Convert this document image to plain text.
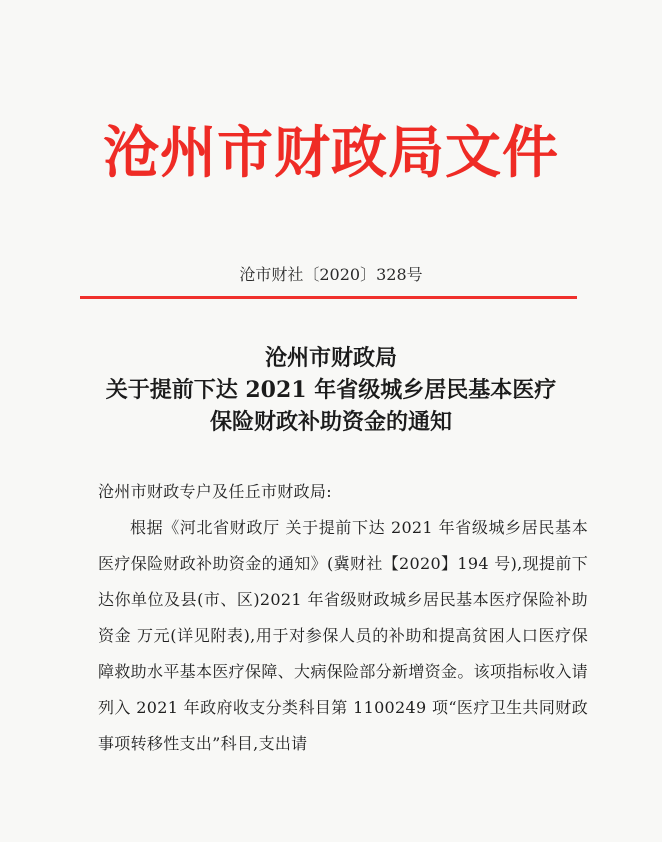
沧州市财政局文件
沧市财社〔2020〕328号
沧州市财政局
关于提前下达 2021 年省级城乡居民基本医疗
保险财政补助资金的通知
沧州市财政专户及任丘市财政局:

根据《河北省财政厅 关于提前下达 2021 年省级城乡居民基本医疗保险财政补助资金的通知》(冀财社【2020】194 号),现提前下达你单位及县(市、区)2021 年省级财政城乡居民基本医疗保险补助资金 万元(详见附表),用于对参保人员的补助和提高贫困人口医疗保障救助水平基本医疗保障、大病保险部分新增资金。该项指标收入请列入 2021 年政府收支分类科目第 1100249 项“医疗卫生共同财政事项转移性支出”科目,支出请
